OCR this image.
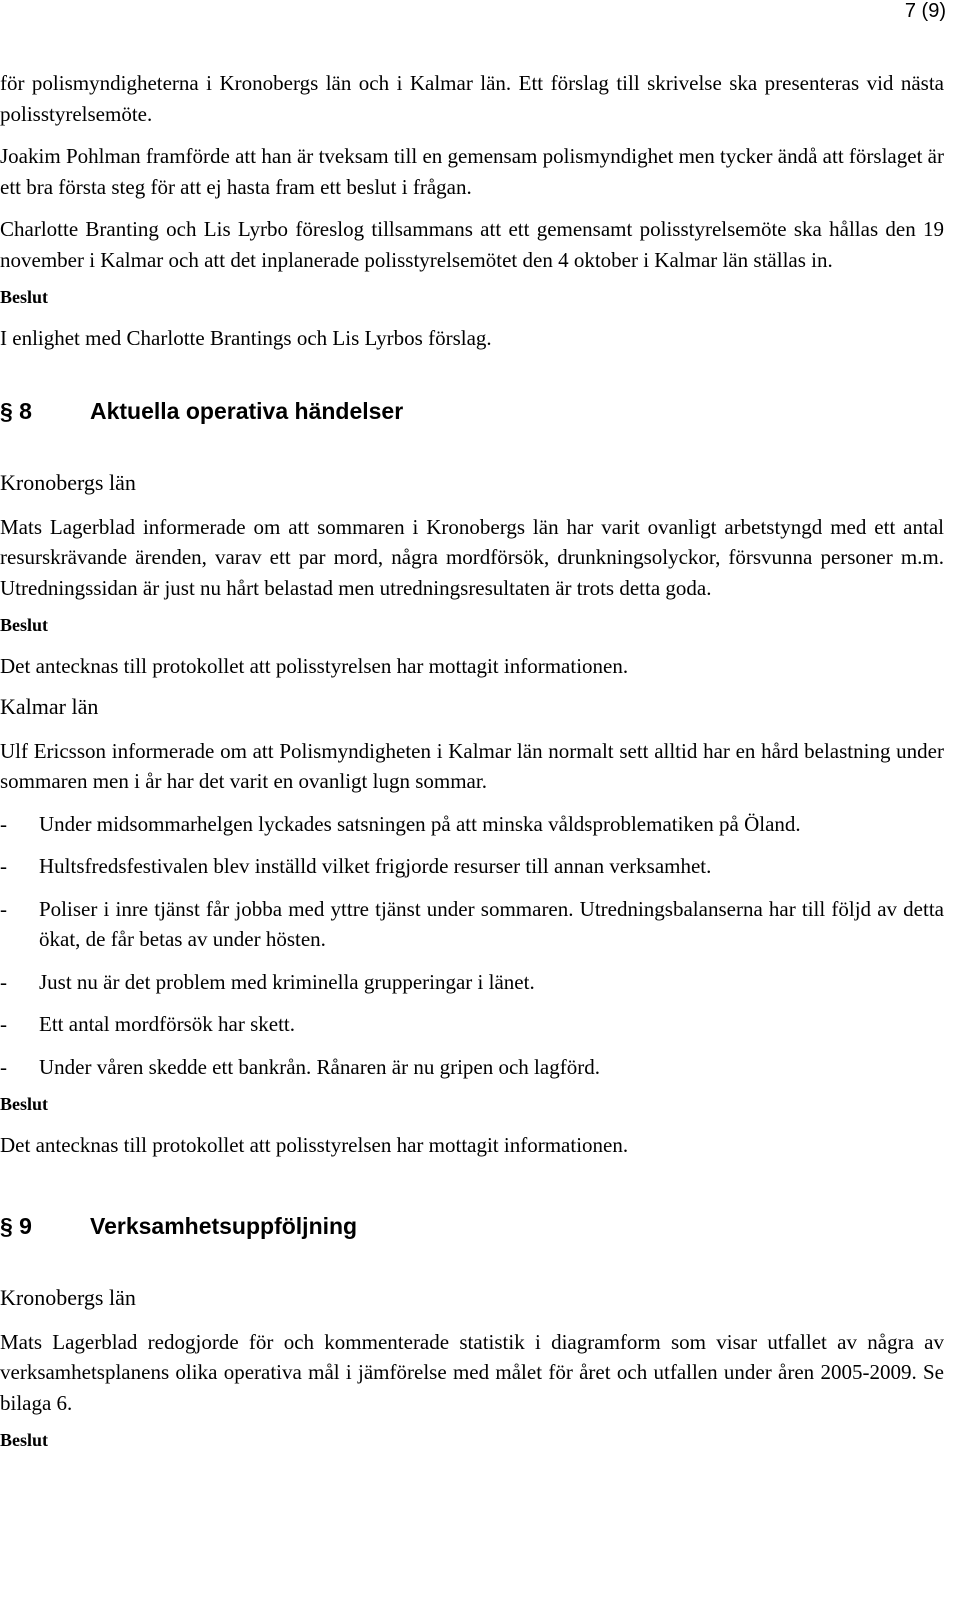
7 (9)

för polismyndigheterna i Kronobergs län och i Kalmar län. Ett förslag till skrivelse ska presenteras vid nästa polisstyrelsemöte.

Joakim Pohlman framförde att han är tveksam till en gemensam polismyndighet men tycker ändå att förslaget är ett bra första steg för att ej hasta fram ett beslut i frågan.

Charlotte Branting och Lis Lyrbo föreslog tillsammans att ett gemensamt polisstyrelsemöte ska hållas den 19 november i Kalmar och att det inplanerade polisstyrelsemötet den 4 oktober i Kalmar län ställas in.

Beslut

I enlighet med Charlotte Brantings och Lis Lyrbos förslag.

§ 8	Aktuella operativa händelser
Kronobergs län

Mats Lagerblad informerade om att sommaren i Kronobergs län har varit ovanligt arbetstyngd med ett antal resurskrävande ärenden, varav ett par mord, några mordförsök, drunkningsolyckor, försvunna personer m.m. Utredningssidan är just nu hårt belastad men utredningsresultaten är trots detta goda.

Beslut

Det antecknas till protokollet att polisstyrelsen har mottagit informationen.

Kalmar län

Ulf Ericsson informerade om att Polismyndigheten i Kalmar län normalt sett alltid har en hård belastning under sommaren men i år har det varit en ovanligt lugn sommar.

-	Under midsommarhelgen lyckades satsningen på att minska våldsproblematiken på Öland.
-	Hultsfredsfestivalen blev inställd vilket frigjorde resurser till annan verksamhet.
-	Poliser i inre tjänst får jobba med yttre tjänst under sommaren. Utredningsbalanserna har till följd av detta ökat, de får betas av under hösten.
-	Just nu är det problem med kriminella grupperingar i länet.
-	Ett antal mordförsök har skett.
-	Under våren skedde ett bankrån. Rånaren är nu gripen och lagförd.
Beslut

Det antecknas till protokollet att polisstyrelsen har mottagit informationen.

§ 9	Verksamhetsuppföljning
Kronobergs län

Mats Lagerblad redogjorde för och kommenterade statistik i diagramform som visar utfallet av några av verksamhetsplanens olika operativa mål i jämförelse med målet för året och utfallen under åren 2005-2009. Se bilaga 6.

Beslut
